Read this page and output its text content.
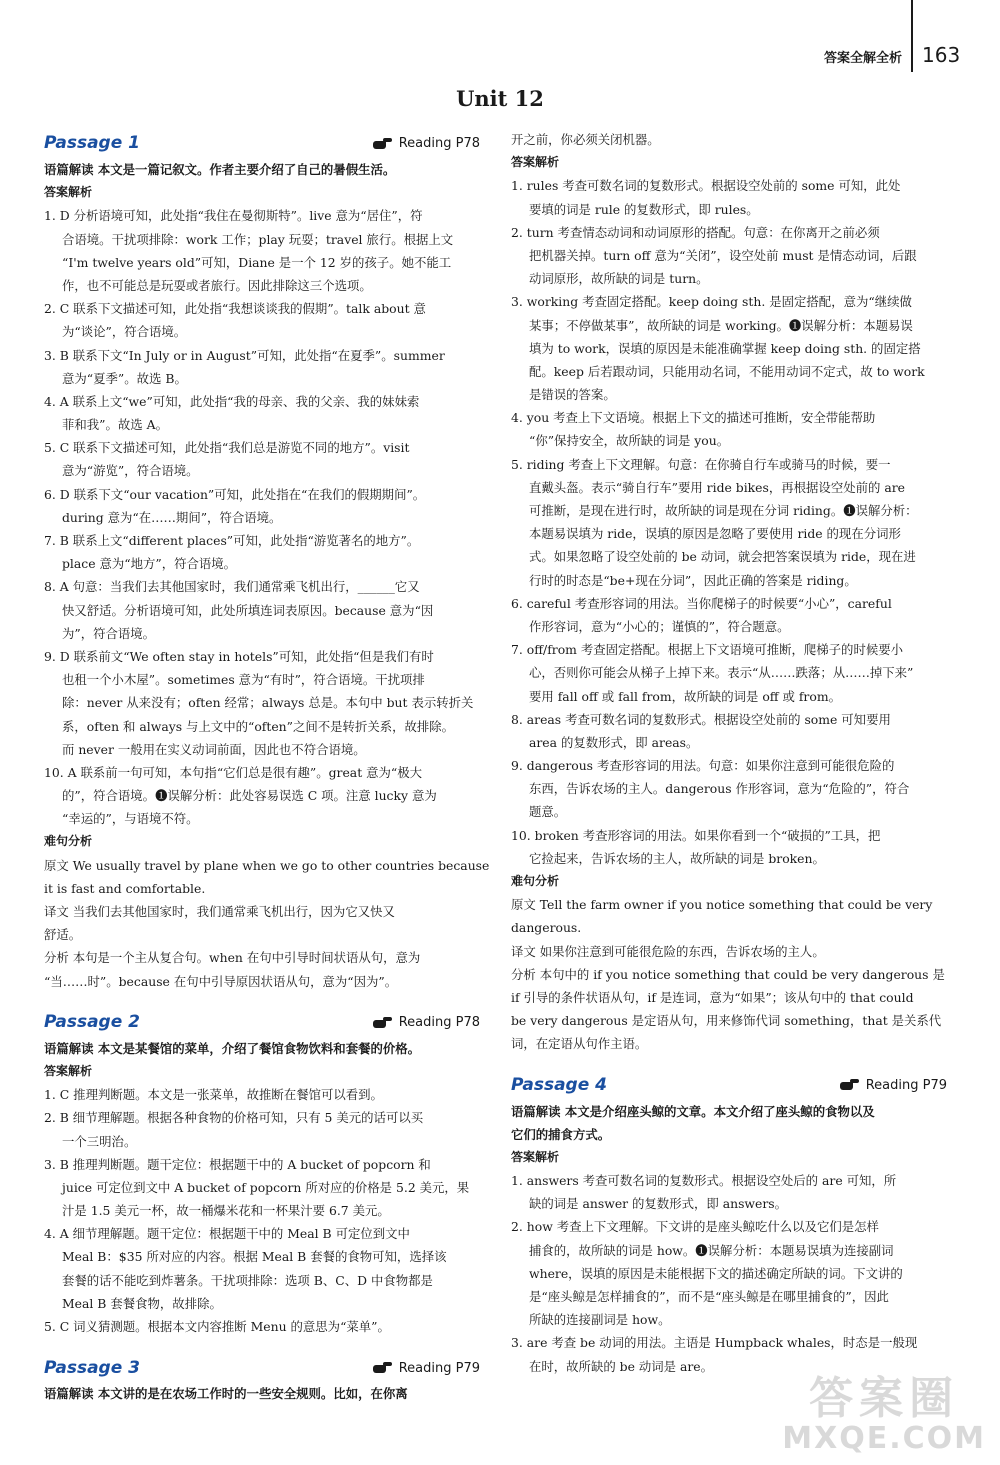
答案全解全析 163
Unit 12
Passage 1	Reading P78
语篇解读 本文是一篇记叙文。作者主要介绍了自己的暑假生活。
答案解析
1. D 分析语境可知，此处指“我住在曼彻斯特”。live 意为“居住”，符
合语境。干扰项排除：work 工作；play 玩耍；travel 旅行。根据上文
“I'm twelve years old”可知，Diane 是一个 12 岁的孩子。她不能工
作，也不可能总是玩耍或者旅行。因此排除这三个选项。
2. C 联系下文描述可知，此处指“我想谈谈我的假期”。talk about 意
为“谈论”，符合语境。
3. B 联系下文“In July or in August”可知，此处指“在夏季”。summer
意为“夏季”。故选 B。
4. A 联系上文“we”可知，此处指“我的母亲、我的父亲、我的妹妹索
菲和我”。故选 A。
5. C 联系下文描述可知，此处指“我们总是游览不同的地方”。visit
意为“游览”，符合语境。
6. D 联系下文“our vacation”可知，此处指在“在我们的假期期间”。
during 意为“在……期间”，符合语境。
7. B 联系上文“different places”可知，此处指“游览著名的地方”。
place 意为“地方”，符合语境。
8. A 句意：当我们去其他国家时，我们通常乘飞机出行，______它又
快又舒适。分析语境可知，此处所填连词表原因。because 意为“因
为”，符合语境。
9. D 联系前文“We often stay in hotels”可知，此处指“但是我们有时
也租一个小木屋”。sometimes 意为“有时”，符合语境。干扰项排
除：never 从来没有；often 经常；always 总是。本句中 but 表示转折关
系，often 和 always 与上文中的“often”之间不是转折关系，故排除。
而 never 一般用在实义动词前面，因此也不符合语境。
10. A 联系前一句可知，本句指“它们总是很有趣”。great 意为“极大
的”，符合语境。❶误解分析：此处容易误选 C 项。注意 lucky 意为
“幸运的”，与语境不符。
难句分析
原文 We usually travel by plane when we go to other countries because
it is fast and comfortable.
译文 当我们去其他国家时，我们通常乘飞机出行，因为它又快又
舒适。
分析 本句是一个主从复合句。when 在句中引导时间状语从句，意为
“当……时”。because 在句中引导原因状语从句，意为“因为”。
Passage 2	Reading P78
语篇解读 本文是某餐馆的菜单，介绍了餐馆食物饮料和套餐的价格。
答案解析
1. C 推理判断题。本文是一张菜单，故推断在餐馆可以看到。
2. B 细节理解题。根据各种食物的价格可知，只有 5 美元的话可以买
一个三明治。
3. B 推理判断题。题干定位：根据题干中的 A bucket of popcorn 和
juice 可定位到文中 A bucket of popcorn 所对应的价格是 5.2 美元，果
汁是 1.5 美元一杯，故一桶爆米花和一杯果汁要 6.7 美元。
4. A 细节理解题。题干定位：根据题干中的 Meal B 可定位到文中
Meal B：$35 所对应的内容。根据 Meal B 套餐的食物可知，选择该
套餐的话不能吃到炸薯条。干扰项排除：选项 B、C、D 中食物都是
Meal B 套餐食物，故排除。
5. C 词义猜测题。根据本文内容推断 Menu 的意思为“菜单”。
Passage 3	Reading P79
语篇解读 本文讲的是在农场工作时的一些安全规则。比如，在你离
开之前，你必须关闭机器。
答案解析
1. rules 考查可数名词的复数形式。根据设空处前的 some 可知，此处
要填的词是 rule 的复数形式，即 rules。
2. turn 考查情态动词和动词原形的搭配。句意：在你离开之前必须
把机器关掉。turn off 意为“关闭”，设空处前 must 是情态动词，后跟
动词原形，故所缺的词是 turn。
3. working 考查固定搭配。keep doing sth. 是固定搭配，意为“继续做
某事；不停做某事”，故所缺的词是 working。❶误解分析：本题易误
填为 to work，误填的原因是未能准确掌握 keep doing sth. 的固定搭
配。keep 后若跟动词，只能用动名词，不能用动词不定式，故 to work
是错误的答案。
4. you 考查上下文语境。根据上下文的描述可推断，安全带能帮助
“你”保持安全，故所缺的词是 you。
5. riding 考查上下文理解。句意：在你骑自行车或骑马的时候，要一
直戴头盔。表示“骑自行车”要用 ride bikes，再根据设空处前的 are
可推断，是现在进行时，故所缺的词是现在分词 riding。❶误解分析：
本题易误填为 ride，误填的原因是忽略了要使用 ride 的现在分词形
式。如果忽略了设空处前的 be 动词，就会把答案误填为 ride，现在进
行时的时态是“be+现在分词”，因此正确的答案是 riding。
6. careful 考查形容词的用法。当你爬梯子的时候要“小心”，careful
作形容词，意为“小心的；谨慎的”，符合题意。
7. off/from 考查固定搭配。根据上下文语境可推断，爬梯子的时候要小
心，否则你可能会从梯子上掉下来。表示“从……跌落；从……掉下来”
要用 fall off 或 fall from，故所缺的词是 off 或 from。
8. areas 考查可数名词的复数形式。根据设空处前的 some 可知要用
area 的复数形式，即 areas。
9. dangerous 考查形容词的用法。句意：如果你注意到可能很危险的
东西，告诉农场的主人。dangerous 作形容词，意为“危险的”，符合
题意。
10. broken 考查形容词的用法。如果你看到一个“破损的”工具，把
它捡起来，告诉农场的主人，故所缺的词是 broken。
难句分析
原文 Tell the farm owner if you notice something that could be very
dangerous.
译文 如果你注意到可能很危险的东西，告诉农场的主人。
分析 本句中的 if you notice something that could be very dangerous 是
if 引导的条件状语从句，if 是连词，意为“如果”；该从句中的 that could
be very dangerous 是定语从句，用来修饰代词 something，that 是关系代
词，在定语从句作主语。
Passage 4	Reading P79
语篇解读 本文是介绍座头鲸的文章。本文介绍了座头鲸的食物以及
它们的捕食方式。
答案解析
1. answers 考查可数名词的复数形式。根据设空处后的 are 可知，所
缺的词是 answer 的复数形式，即 answers。
2. how 考查上下文理解。下文讲的是座头鲸吃什么以及它们是怎样
捕食的，故所缺的词是 how。❶误解分析：本题易误填为连接副词
where，误填的原因是未能根据下文的描述确定所缺的词。下文讲的
是“座头鲸是怎样捕食的”，而不是“座头鲸是在哪里捕食的”，因此
所缺的连接副词是 how。
3. are 考查 be 动词的用法。主语是 Humpback whales，时态是一般现
在时，故所缺的 be 动词是 are。
答案圈
MXQE.COM
